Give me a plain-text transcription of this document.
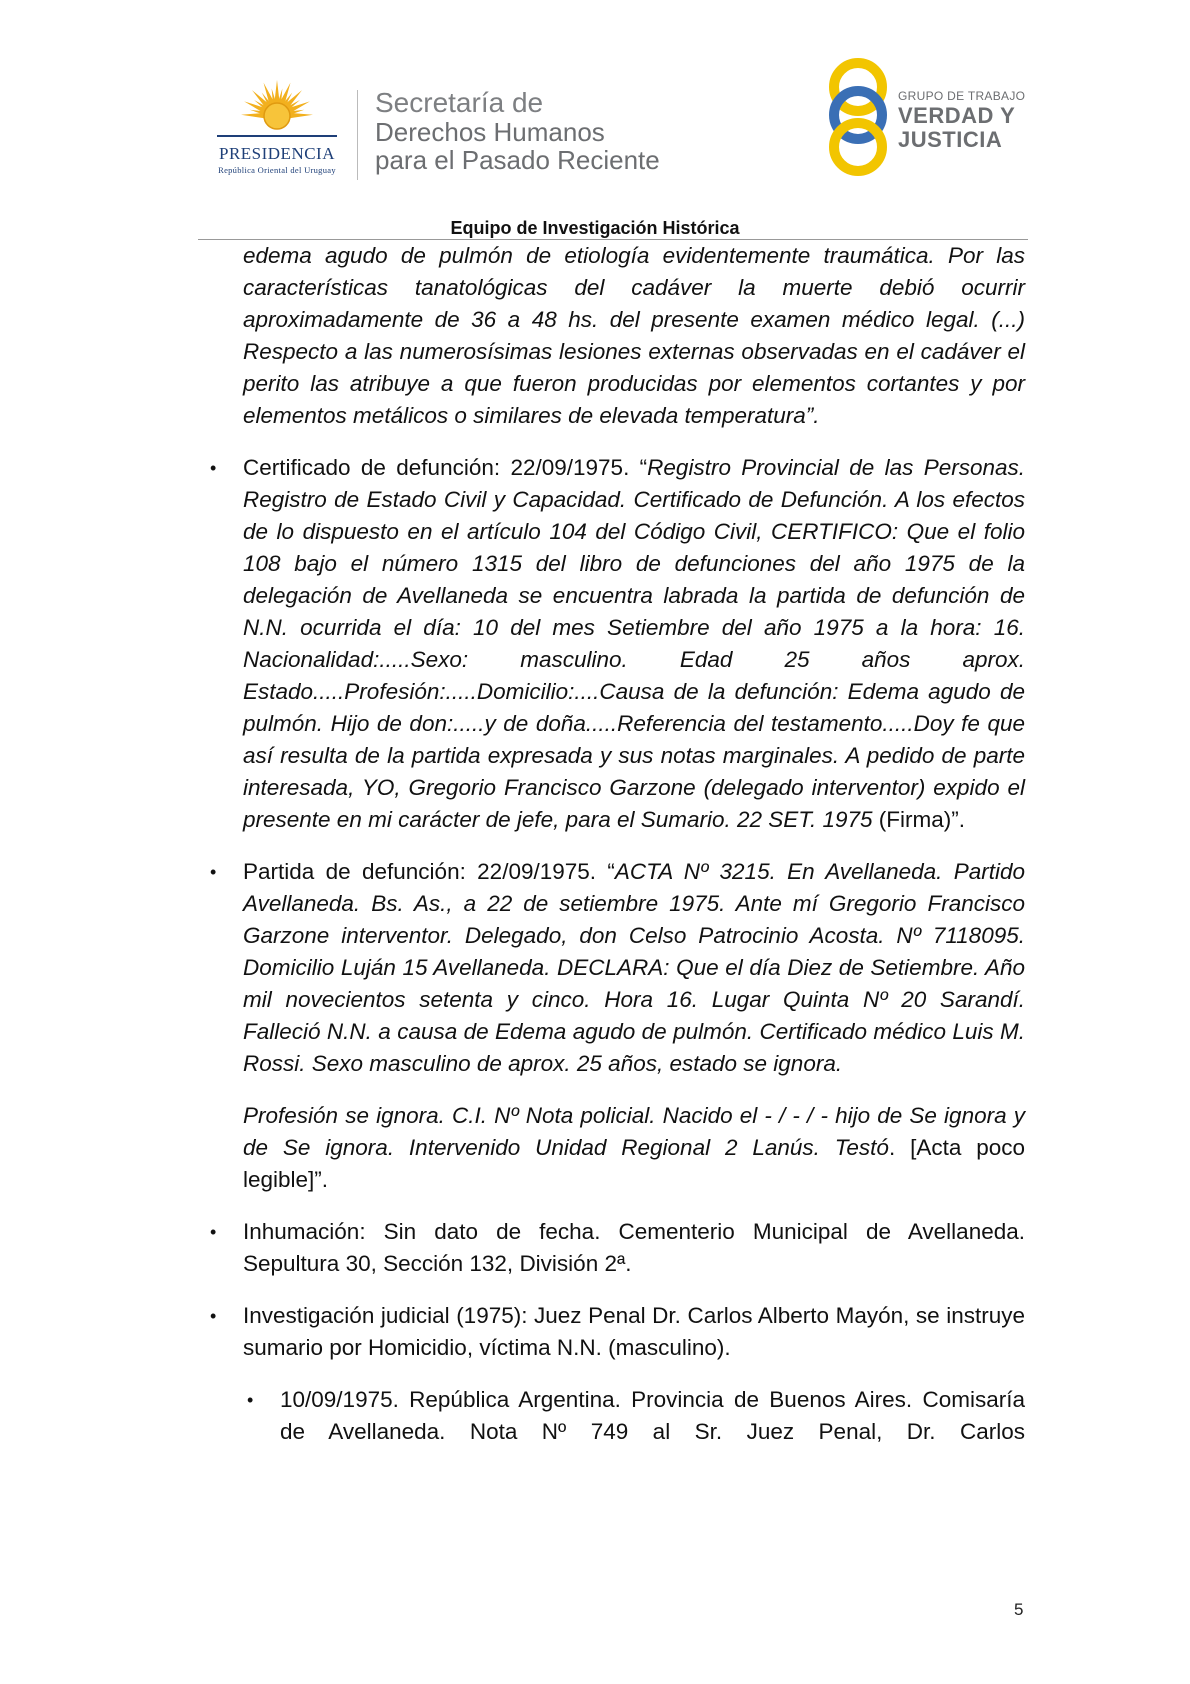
PRESIDENCIA
República Oriental del Uruguay
Secretaría de
Derechos Humanos
para el Pasado Reciente
GRUPO DE TRABAJO
VERDAD Y
JUSTICIA
Equipo de Investigación Histórica

edema agudo de pulmón de etiología evidentemente traumática. Por las características tanatológicas del cadáver la muerte debió ocurrir aproximadamente de 36 a 48 hs. del presente examen médico legal. (...) Respecto a las numerosísimas lesiones externas observadas en el cadáver el perito las atribuye a que fueron producidas por elementos cortantes y por elementos metálicos o similares de elevada temperatura”.

• Certificado de defunción: 22/09/1975. “Registro Provincial de las Personas. Registro de Estado Civil y Capacidad. Certificado de Defunción. A los efectos de lo dispuesto en el artículo 104 del Código Civil, CERTIFICO: Que el folio 108 bajo el número 1315 del libro de defunciones del año 1975 de la delegación de Avellaneda se encuentra labrada la partida de defunción de N.N. ocurrida el día: 10 del mes Setiembre del año 1975 a la hora: 16. Nacionalidad:.....Sexo: masculino. Edad 25 años aprox. Estado.....Profesión:.....Domicilio:....Causa de la defunción: Edema agudo de pulmón. Hijo de don:.....y de doña.....Referencia del testamento.....Doy fe que así resulta de la partida expresada y sus notas marginales. A pedido de parte interesada, YO, Gregorio Francisco Garzone (delegado interventor) expido el presente en mi carácter de jefe, para el Sumario. 22 SET. 1975 (Firma)”.

• Partida de defunción: 22/09/1975. “ACTA Nº 3215. En Avellaneda. Partido Avellaneda. Bs. As., a 22 de setiembre 1975. Ante mí Gregorio Francisco Garzone interventor. Delegado, don Celso Patrocinio Acosta. Nº 7118095. Domicilio Luján 15 Avellaneda. DECLARA: Que el día Diez de Setiembre. Año mil novecientos setenta y cinco. Hora 16. Lugar Quinta Nº 20 Sarandí. Falleció N.N. a causa de Edema agudo de pulmón. Certificado médico Luis M. Rossi. Sexo masculino de aprox. 25 años, estado se ignora.

Profesión se ignora. C.I. Nº Nota policial. Nacido el - / - / - hijo de Se ignora y de Se ignora. Intervenido Unidad Regional 2 Lanús. Testó. [Acta poco legible]”.

• Inhumación: Sin dato de fecha. Cementerio Municipal de Avellaneda. Sepultura 30, Sección 132, División 2ª.

• Investigación judicial (1975): Juez Penal Dr. Carlos Alberto Mayón, se instruye sumario por Homicidio, víctima N.N. (masculino).

• 10/09/1975. República Argentina. Provincia de Buenos Aires. Comisaría de Avellaneda. Nota Nº 749 al Sr. Juez Penal, Dr. Carlos

5
